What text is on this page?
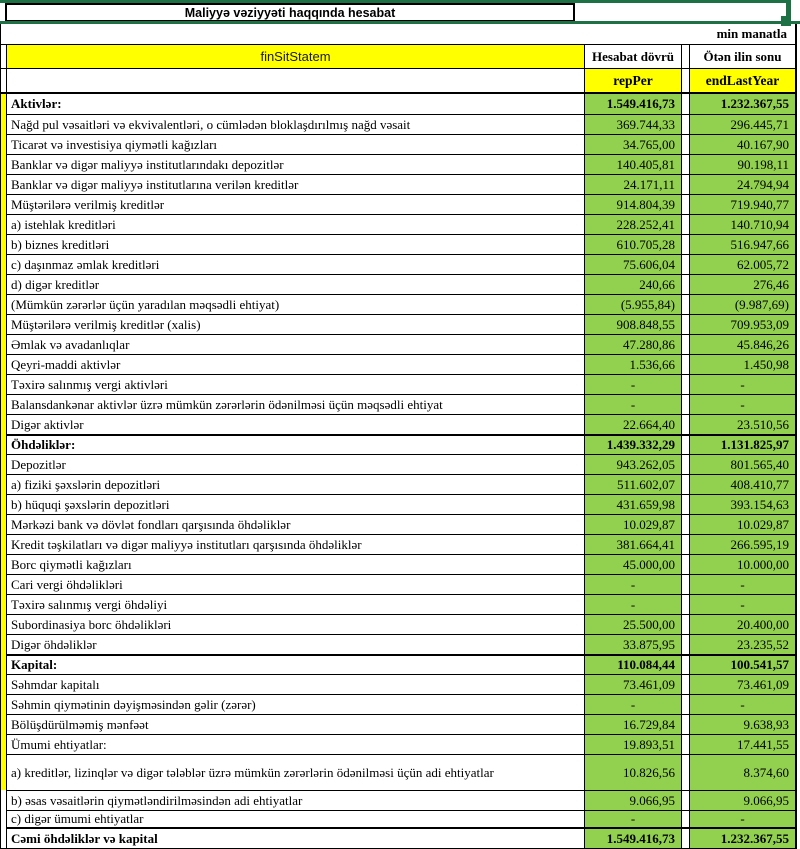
Maliyyə vəziyyəti haqqında hesabat
min manatla
finSitStatem	Hesabat dövrü	Ötən ilin sonu
repPer	endLastYear
Aktivlər:	1.549.416,73	1.232.367,55
Nağd pul vəsaitləri və ekvivalentləri, o cümlədən bloklaşdırılmış nağd vəsait	369.744,33	296.445,71
Ticarət və investisiya qiymətli kağızları	34.765,00	40.167,90
Banklar və digər maliyyə institutlarındakı depozitlər	140.405,81	90.198,11
Banklar və digər maliyyə institutlarına verilən kreditlər	24.171,11	24.794,94
Müştərilərə verilmiş kreditlər	914.804,39	719.940,77
a) istehlak kreditləri	228.252,41	140.710,94
b) biznes kreditləri	610.705,28	516.947,66
c) daşınmaz əmlak kreditləri	75.606,04	62.005,72
d) digər kreditlər	240,66	276,46
(Mümkün zərərlər üçün yaradılan məqsədli ehtiyat)	(5.955,84)	(9.987,69)
Müştərilərə verilmiş kreditlər (xalis)	908.848,55	709.953,09
Əmlak və avadanlıqlar	47.280,86	45.846,26
Qeyri-maddi aktivlər	1.536,66	1.450,98
Təxirə salınmış vergi aktivləri	-	-
Balansdankənar aktivlər üzrə mümkün zərərlərin ödənilməsi üçün məqsədli ehtiyat	-	-
Digər aktivlər	22.664,40	23.510,56
Öhdəliklər:	1.439.332,29	1.131.825,97
Depozitlər	943.262,05	801.565,40
a) fiziki şəxslərin depozitləri	511.602,07	408.410,77
b) hüquqi şəxslərin depozitləri	431.659,98	393.154,63
Mərkəzi bank və dövlət fondları qarşısında öhdəliklər	10.029,87	10.029,87
Kredit təşkilatları və digər maliyyə institutları qarşısında öhdəliklər	381.664,41	266.595,19
Borc qiymətli kağızları	45.000,00	10.000,00
Cari vergi öhdəlikləri	-	-
Təxirə salınmış vergi öhdəliyi	-	-
Subordinasiya borc öhdəlikləri	25.500,00	20.400,00
Digər öhdəliklər	33.875,95	23.235,52
Kapital:	110.084,44	100.541,57
Səhmdar kapitalı	73.461,09	73.461,09
Səhmin qiymətinin dəyişməsindən gəlir (zərər)	-	-
Bölüşdürülməmiş mənfəət	16.729,84	9.638,93
Ümumi ehtiyatlar:	19.893,51	17.441,55
a) kreditlər, lizinqlər və digər tələblər üzrə mümkün zərərlərin ödənilməsi üçün adi ehtiyatlar	10.826,56	8.374,60
b) əsas vəsaitlərin qiymətləndirilməsindən adi ehtiyatlar	9.066,95	9.066,95
c) digər ümumi ehtiyatlar	-	-
Cəmi öhdəliklər və kapital	1.549.416,73	1.232.367,55
